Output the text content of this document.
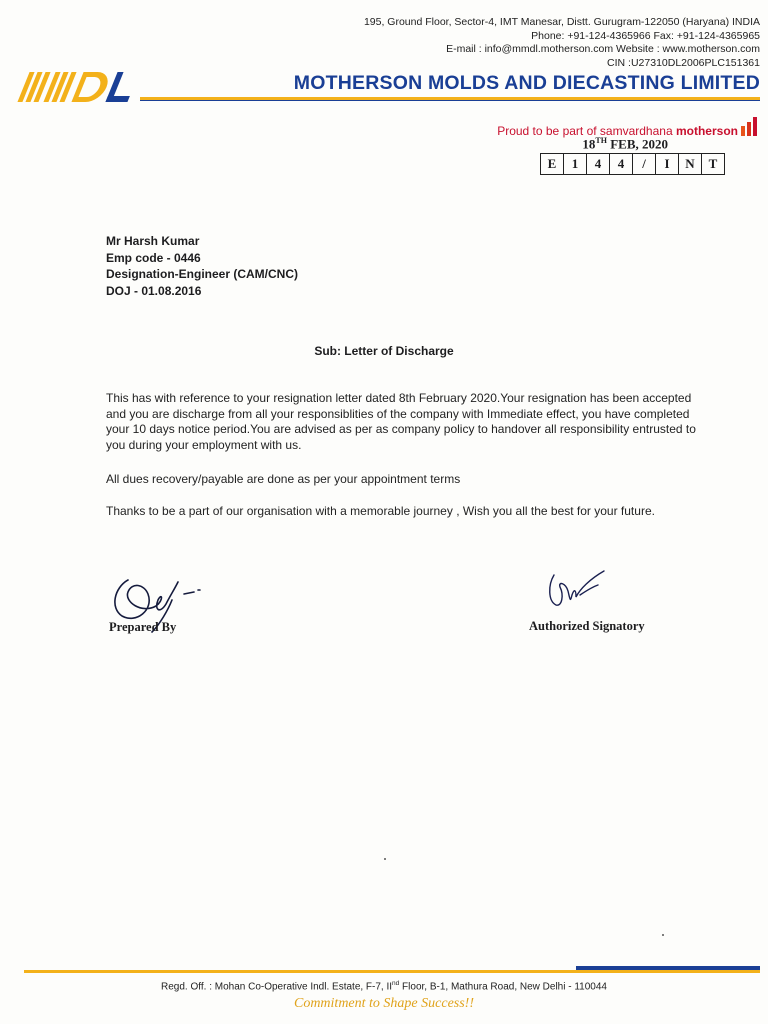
195, Ground Floor, Sector-4, IMT Manesar, Distt. Gurugram-122050 (Haryana) INDIA
Phone: +91-124-4365966 Fax: +91-124-4365965
E-mail : info@mmdl.motherson.com Website : www.motherson.com
CIN :U27310DL2006PLC151361
MOTHERSON MOLDS AND DIECASTING LIMITED
Proud to be part of samvardhana motherson
18TH FEB, 2020
E	1	4	4	/	I	N	T
Mr Harsh Kumar
Emp code - 0446
Designation-Engineer (CAM/CNC)
DOJ - 01.08.2016
Sub: Letter of Discharge
This has with reference to your resignation letter dated 8th February 2020.Your resignation has been accepted and you are discharge from all your responsiblities of the company with Immediate effect, you have completed your 10 days notice period.You are advised as per as company policy to handover all responsibility entrusted to you during your employment with us.
All dues recovery/payable are done as per your appointment terms
Thanks to be a part of our organisation with a memorable journey , Wish you all the best for your future.
Prepared By	Authorized Signatory
Regd. Off. : Mohan Co-Operative Indl. Estate, F-7, IInd Floor, B-1, Mathura Road, New Delhi - 110044
Commitment to Shape Success!!
